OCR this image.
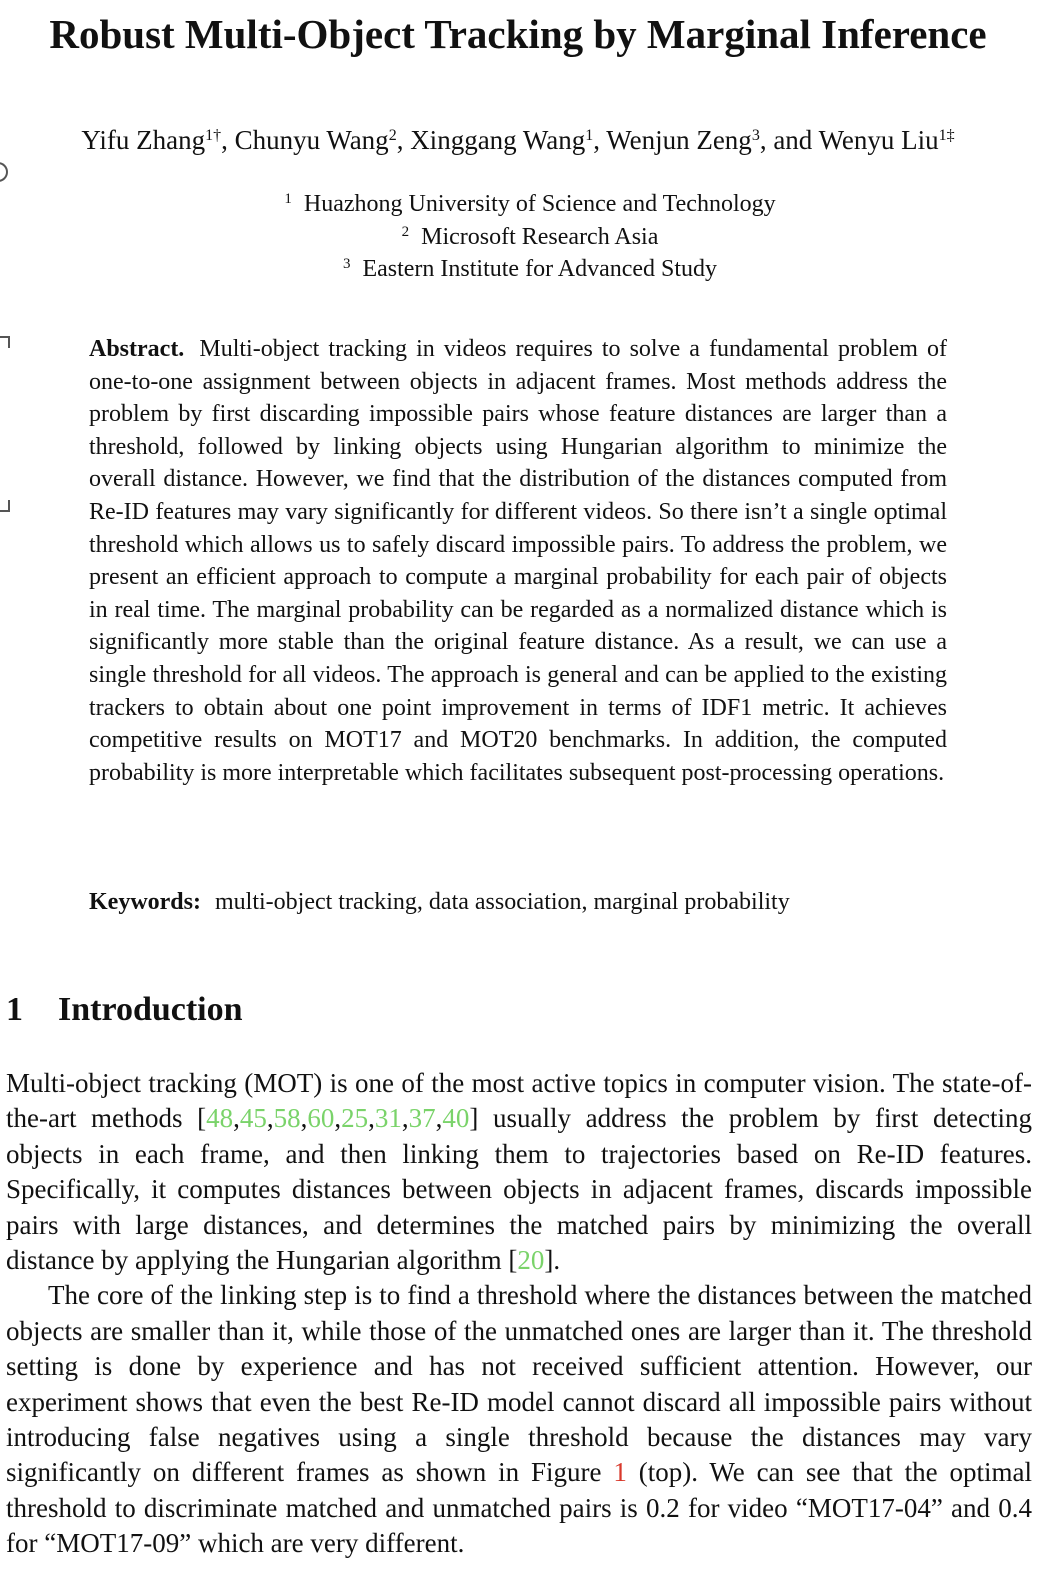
Robust Multi-Object Tracking by Marginal Inference
Yifu Zhang$^{1\dagger}$, Chunyu Wang$^2$, Xinggang Wang$^1$, Wenjun Zeng$^3$, and Wenyu Liu$^{1\ddagger}$
$^1$ Huazhong University of Science and Technology
$^2$ Microsoft Research Asia
$^3$ Eastern Institute for Advanced Study
Abstract. Multi-object tracking in videos requires to solve a fundamental problem of one-to-one assignment between objects in adjacent frames. Most methods address the problem by first discarding impossible pairs whose feature distances are larger than a threshold, followed by linking objects using Hungarian algorithm to minimize the overall distance. However, we find that the distribution of the distances computed from Re-ID features may vary significantly for different videos. So there isn’t a single optimal threshold which allows us to safely discard impossible pairs. To address the problem, we present an efficient approach to compute a marginal probability for each pair of objects in real time. The marginal probability can be regarded as a normalized distance which is significantly more stable than the original feature distance. As a result, we can use a single threshold for all videos. The approach is general and can be applied to the existing trackers to obtain about one point improvement in terms of IDF1 metric. It achieves competitive results on MOT17 and MOT20 benchmarks. In addition, the computed probability is more interpretable which facilitates subsequent post-processing operations.
Keywords: multi-object tracking, data association, marginal probability
1 Introduction

Multi-object tracking (MOT) is one of the most active topics in computer vision. The state-of-the-art methods [48,45,58,60,25,31,37,40] usually address the problem by first detecting objects in each frame, and then linking them to trajectories based on Re-ID features. Specifically, it computes distances between objects in adjacent frames, discards impossible pairs with large distances, and determines the matched pairs by minimizing the overall distance by applying the Hungarian algorithm [20].

The core of the linking step is to find a threshold where the distances between the matched objects are smaller than it, while those of the unmatched ones are larger than it. The threshold setting is done by experience and has not received sufficient attention. However, our experiment shows that even the best Re-ID model cannot discard all impossible pairs without introducing false negatives using a single threshold because the distances may vary significantly on different frames as shown in Figure 1 (top). We can see that the optimal threshold to discriminate matched and unmatched pairs is 0.2 for video “MOT17-04” and 0.4 for “MOT17-09” which are very different.
